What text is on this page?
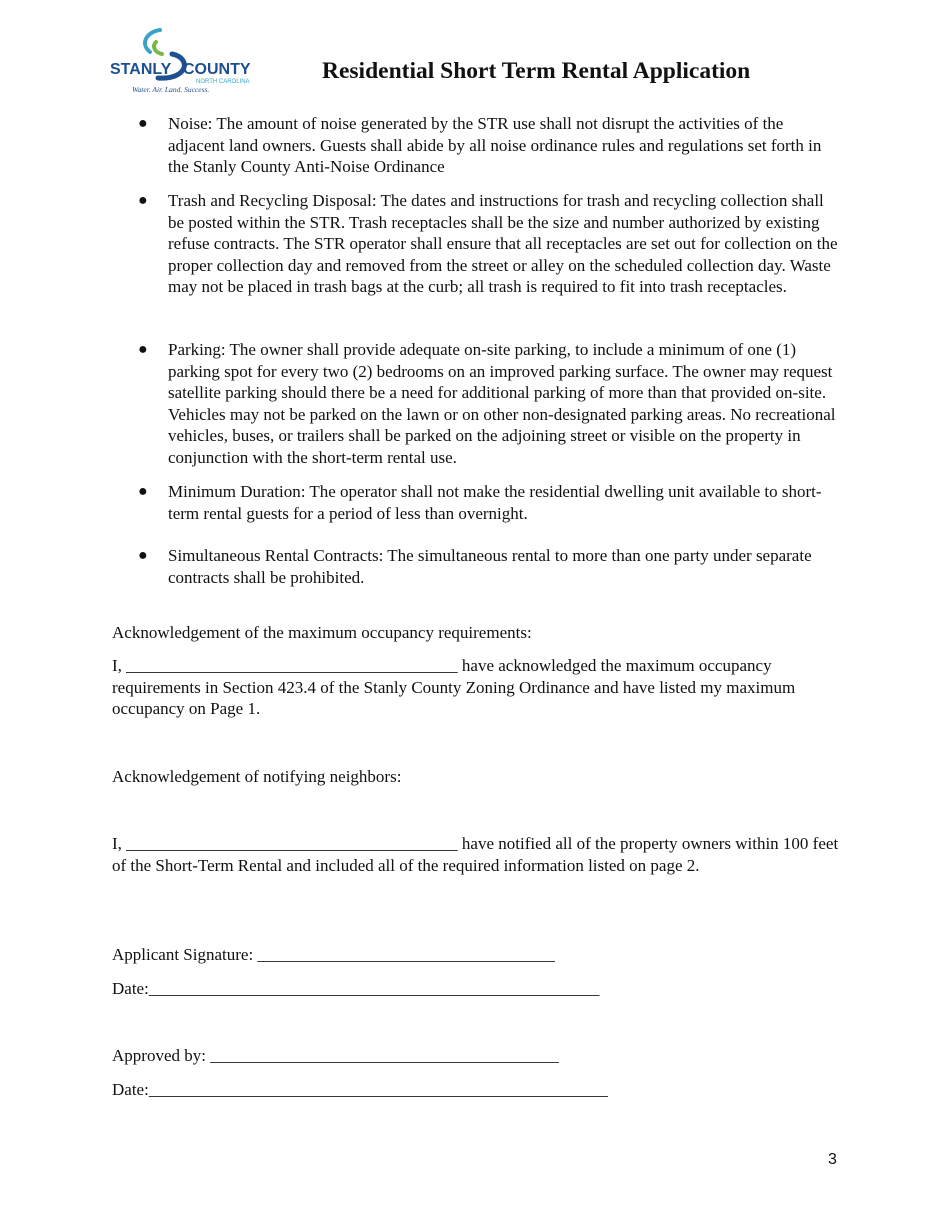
STANLY COUNTY
NORTH CAROLINA
Water. Air. Land. Success.
Residential Short Term Rental Application
● Noise: The amount of noise generated by the STR use shall not disrupt the activities of the adjacent land owners. Guests shall abide by all noise ordinance rules and regulations set forth in the Stanly County Anti-Noise Ordinance
● Trash and Recycling Disposal: The dates and instructions for trash and recycling collection shall be posted within the STR. Trash receptacles shall be the size and number authorized by existing refuse contracts. The STR operator shall ensure that all receptacles are set out for collection on the proper collection day and removed from the street or alley on the scheduled collection day. Waste may not be placed in trash bags at the curb; all trash is required to fit into trash receptacles.
● Parking: The owner shall provide adequate on-site parking, to include a minimum of one (1) parking spot for every two (2) bedrooms on an improved parking surface. The owner may request satellite parking should there be a need for additional parking of more than that provided on-site. Vehicles may not be parked on the lawn or on other non-designated parking areas. No recreational vehicles, buses, or trailers shall be parked on the adjoining street or visible on the property in conjunction with the short-term rental use.
● Minimum Duration: The operator shall not make the residential dwelling unit available to short-term rental guests for a period of less than overnight.
● Simultaneous Rental Contracts: The simultaneous rental to more than one party under separate contracts shall be prohibited.

Acknowledgement of the maximum occupancy requirements:

I, _______________________________________ have acknowledged the maximum occupancy requirements in Section 423.4 of the Stanly County Zoning Ordinance and have listed my maximum occupancy on Page 1.

Acknowledgement of notifying neighbors:

I, _______________________________________ have notified all of the property owners within 100 feet of the Short-Term Rental and included all of the required information listed on page 2.

Applicant Signature: ___________________________________
Date:_____________________________________________________
Approved by: _________________________________________
Date:______________________________________________________
3
